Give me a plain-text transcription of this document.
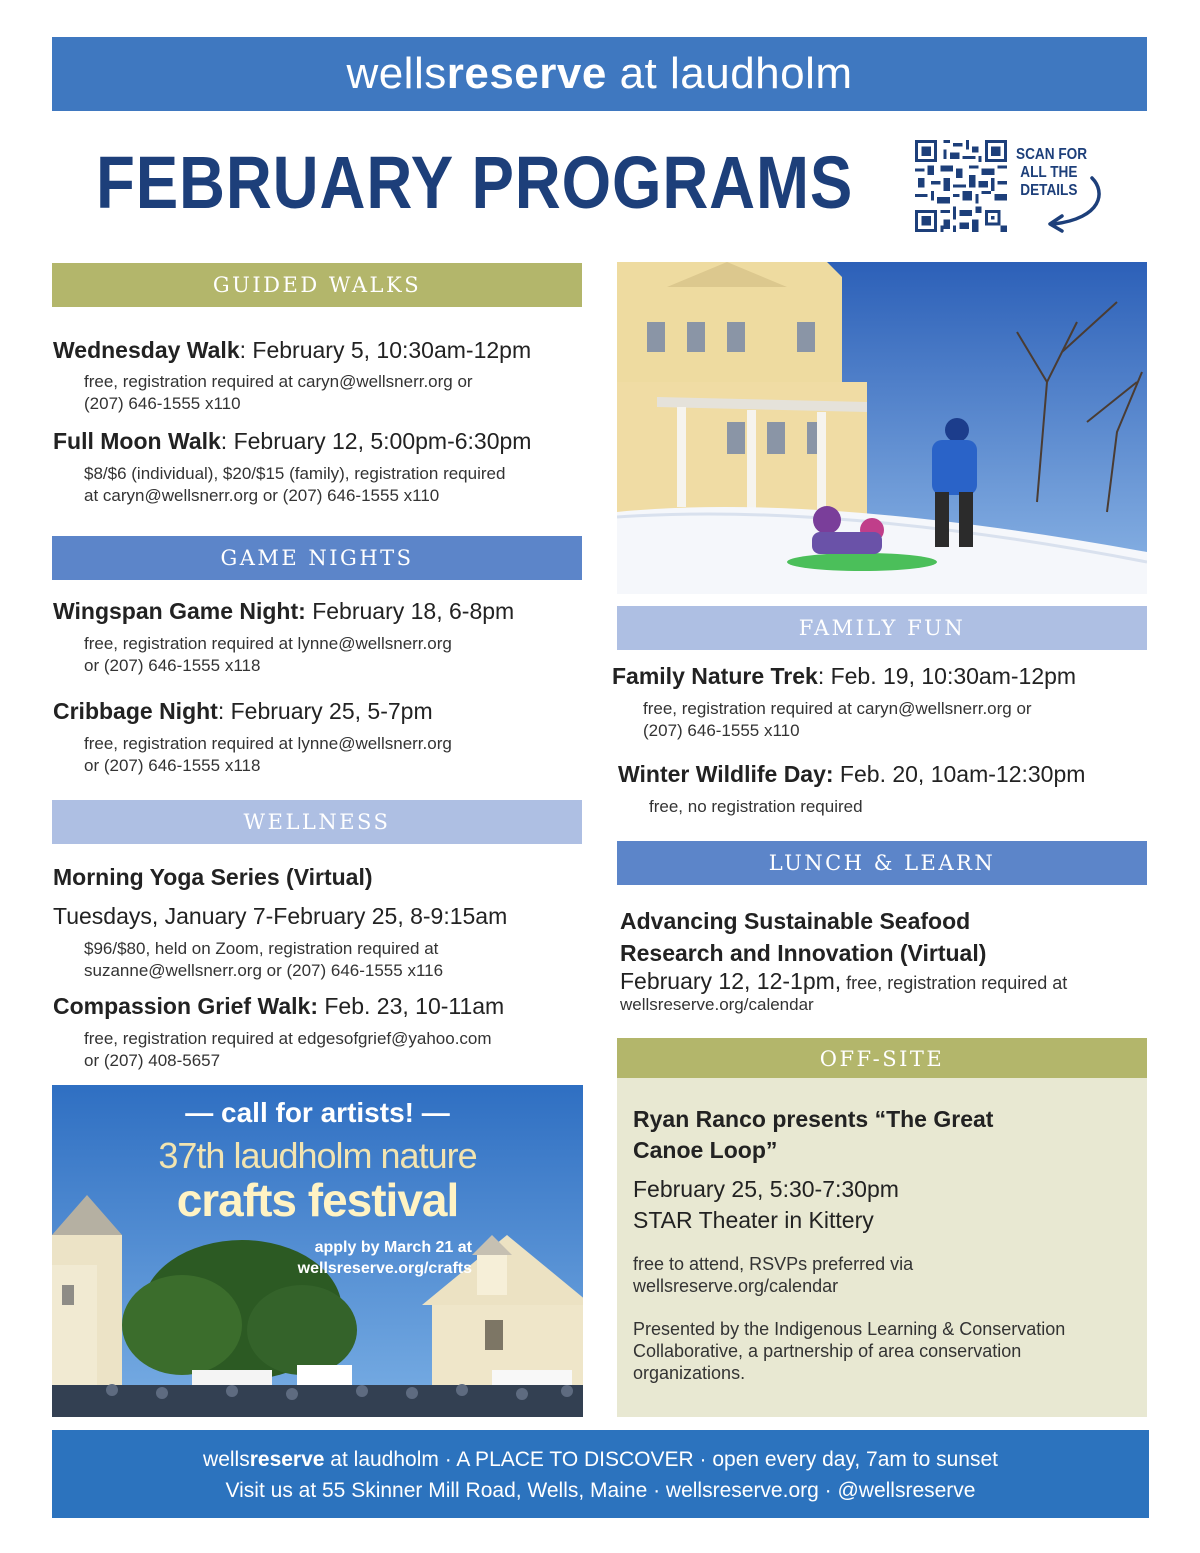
wells reserve at laudholm
FEBRUARY PROGRAMS	SCAN FOR
ALL THE
DETAILS
GUIDED WALKS
Wednesday Walk: February 5, 10:30am-12pm
free, registration required at caryn@wellsnerr.org or
(207) 646-1555 x110
Full Moon Walk: February 12, 5:00pm-6:30pm
$8/$6 (individual), $20/$15 (family), registration required
at caryn@wellsnerr.org or (207) 646-1555 x110
GAME NIGHTS
Wingspan Game Night: February 18, 6-8pm
free, registration required at lynne@wellsnerr.org
or (207) 646-1555 x118
Cribbage Night: February 25, 5-7pm
free, registration required at lynne@wellsnerr.org
or (207) 646-1555 x118
WELLNESS
Morning Yoga Series (Virtual)
Tuesdays, January 7-February 25, 8-9:15am
$96/$80, held on Zoom, registration required at
suzanne@wellsnerr.org or (207) 646-1555 x116
Compassion Grief Walk: Feb. 23, 10-11am
free, registration required at edgesofgrief@yahoo.com
or (207) 408-5657
— call for artists! —
37th laudholm nature
crafts festival
apply by March 21 at
wellsreserve.org/crafts
FAMILY FUN
Family Nature Trek: Feb. 19, 10:30am-12pm
free, registration required at caryn@wellsnerr.org or
(207) 646-1555 x110
Winter Wildlife Day: Feb. 20, 10am-12:30pm
free, no registration required
LUNCH & LEARN
Advancing Sustainable Seafood
Research and Innovation (Virtual)
February 12, 12-1pm, free, registration required at
wellsreserve.org/calendar
OFF-SITE
Ryan Ranco presents “The Great
Canoe Loop”
February 25, 5:30-7:30pm
STAR Theater in Kittery
free to attend, RSVPs preferred via
wellsreserve.org/calendar
Presented by the Indigenous Learning & Conservation
Collaborative, a partnership of area conservation
organizations.
wellsreserve at laudholm · A PLACE TO DISCOVER · open every day, 7am to sunset
Visit us at 55 Skinner Mill Road, Wells, Maine · wellsreserve.org · @wellsreserve
